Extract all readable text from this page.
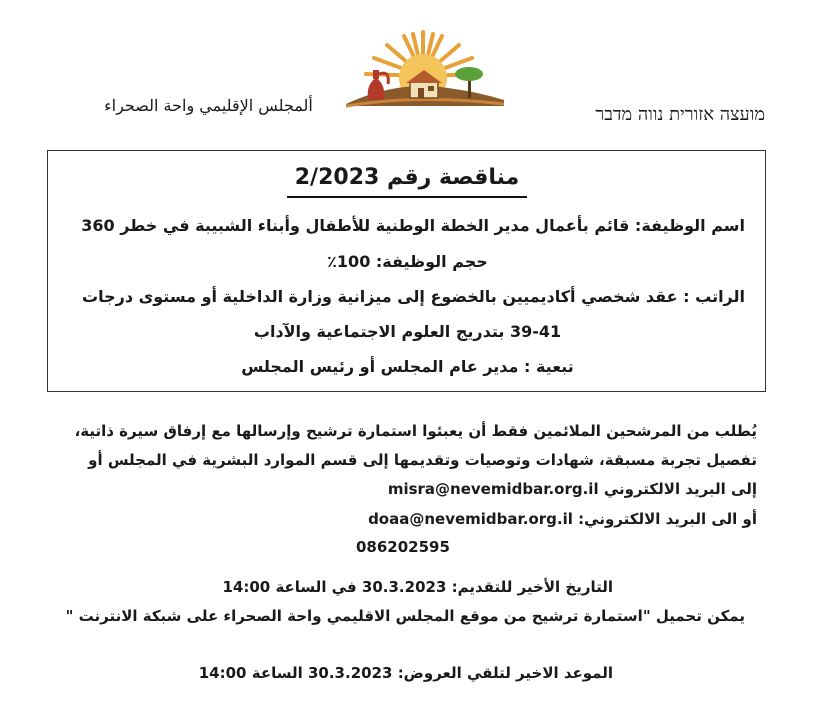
ألمجلس الإقليمي واحة الصحراء	מועצה אזורית נווה מדבר
مناقصة رقم 2/2023
اسم الوظيفة: قائم بأعمال مدير الخطة الوطنية للأطفال وأبناء الشبيبة في خطر 360
حجم الوظيفة: 100٪
الراتب : عقد شخصي أكاديميين بالخضوع إلى ميزانية وزارة الداخلية أو مستوى درجات
39-41 بتدريج العلوم الاجتماعية والآداب
تبعية : مدير عام المجلس أو رئيس المجلس
يُطلب من المرشحين الملائمين فقط أن يعبئوا استمارة ترشيح وإرسالها مع إرفاق سيرة ذاتية،
تفصيل تجربة مسبقة، شهادات وتوصيات وتقديمها إلى قسم الموارد البشرية في المجلس أو
إلى البريد الالكتروني misra@nevemidbar.org.il
أو الى البريد الالكتروني: doaa@nevemidbar.org.il
086202595
التاريخ الأخير للتقديم: 30.3.2023 في الساعة 14:00
يمكن تحميل "استمارة ترشيح من موقع المجلس الاقليمي واحة الصحراء على شبكة الانترنت "
الموعد الاخير لتلقي العروض: 30.3.2023 الساعة 14:00
